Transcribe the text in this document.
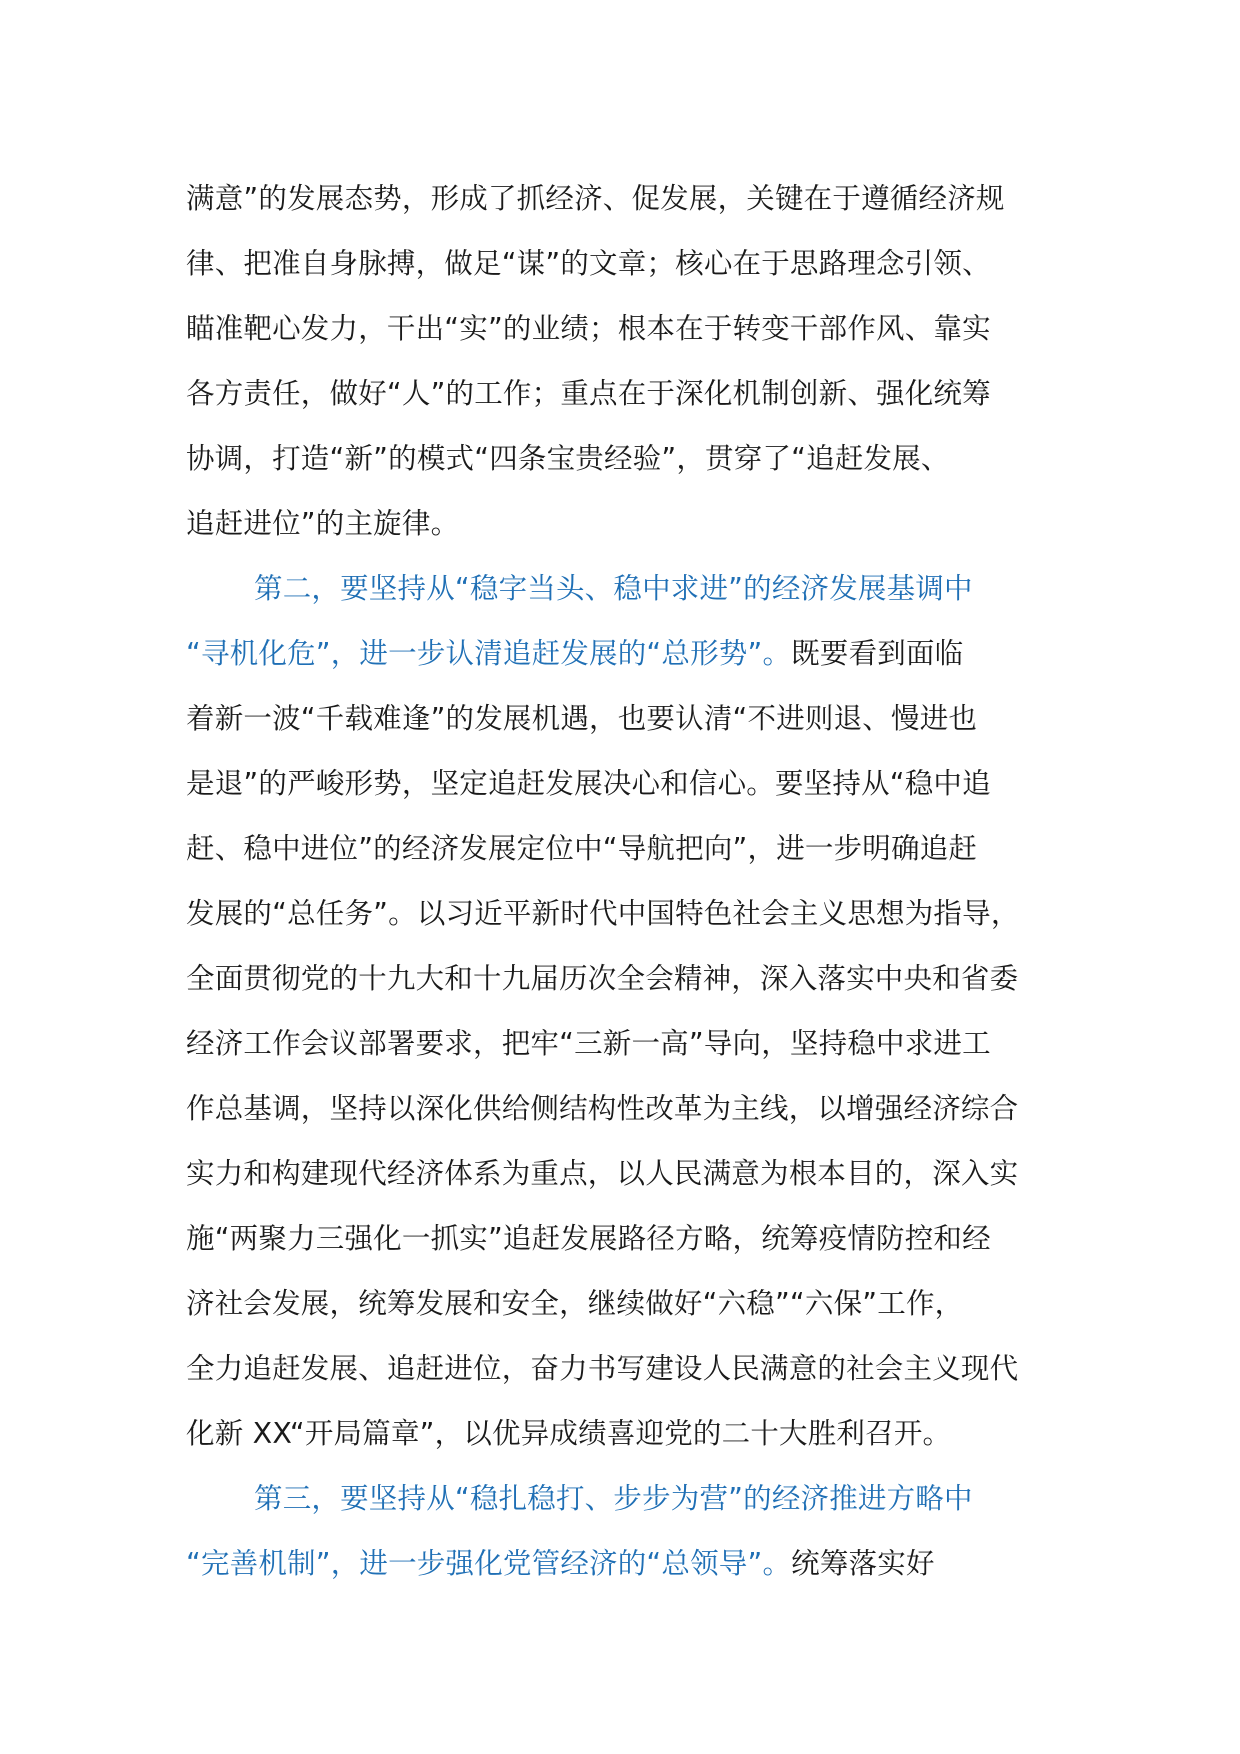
满意”的发展态势，形成了抓经济、促发展，关键在于遵循经济规
律、把准自身脉搏，做足“谋”的文章；核心在于思路理念引领、
瞄准靶心发力，干出“实”的业绩；根本在于转变干部作风、靠实
各方责任，做好“人”的工作；重点在于深化机制创新、强化统筹
协调，打造“新”的模式“四条宝贵经验”，贯穿了“追赶发展、
追赶进位”的主旋律。
第二，要坚持从“稳字当头、稳中求进”的经济发展基调中
“寻机化危”，进一步认清追赶发展的“总形势”。既要看到面临
着新一波“千载难逢”的发展机遇，也要认清“不进则退、慢进也
是退”的严峻形势，坚定追赶发展决心和信心。要坚持从“稳中追
赶、稳中进位”的经济发展定位中“导航把向”，进一步明确追赶
发展的“总任务”。以习近平新时代中国特色社会主义思想为指导，
全面贯彻党的十九大和十九届历次全会精神，深入落实中央和省委
经济工作会议部署要求，把牢“三新一高”导向，坚持稳中求进工
作总基调，坚持以深化供给侧结构性改革为主线，以增强经济综合
实力和构建现代经济体系为重点，以人民满意为根本目的，深入实
施“两聚力三强化一抓实”追赶发展路径方略，统筹疫情防控和经
济社会发展，统筹发展和安全，继续做好“六稳”“六保”工作，
全力追赶发展、追赶进位，奋力书写建设人民满意的社会主义现代
化新 XX“开局篇章”，以优异成绩喜迎党的二十大胜利召开。
第三，要坚持从“稳扎稳打、步步为营”的经济推进方略中
“完善机制”，进一步强化党管经济的“总领导”。统筹落实好
